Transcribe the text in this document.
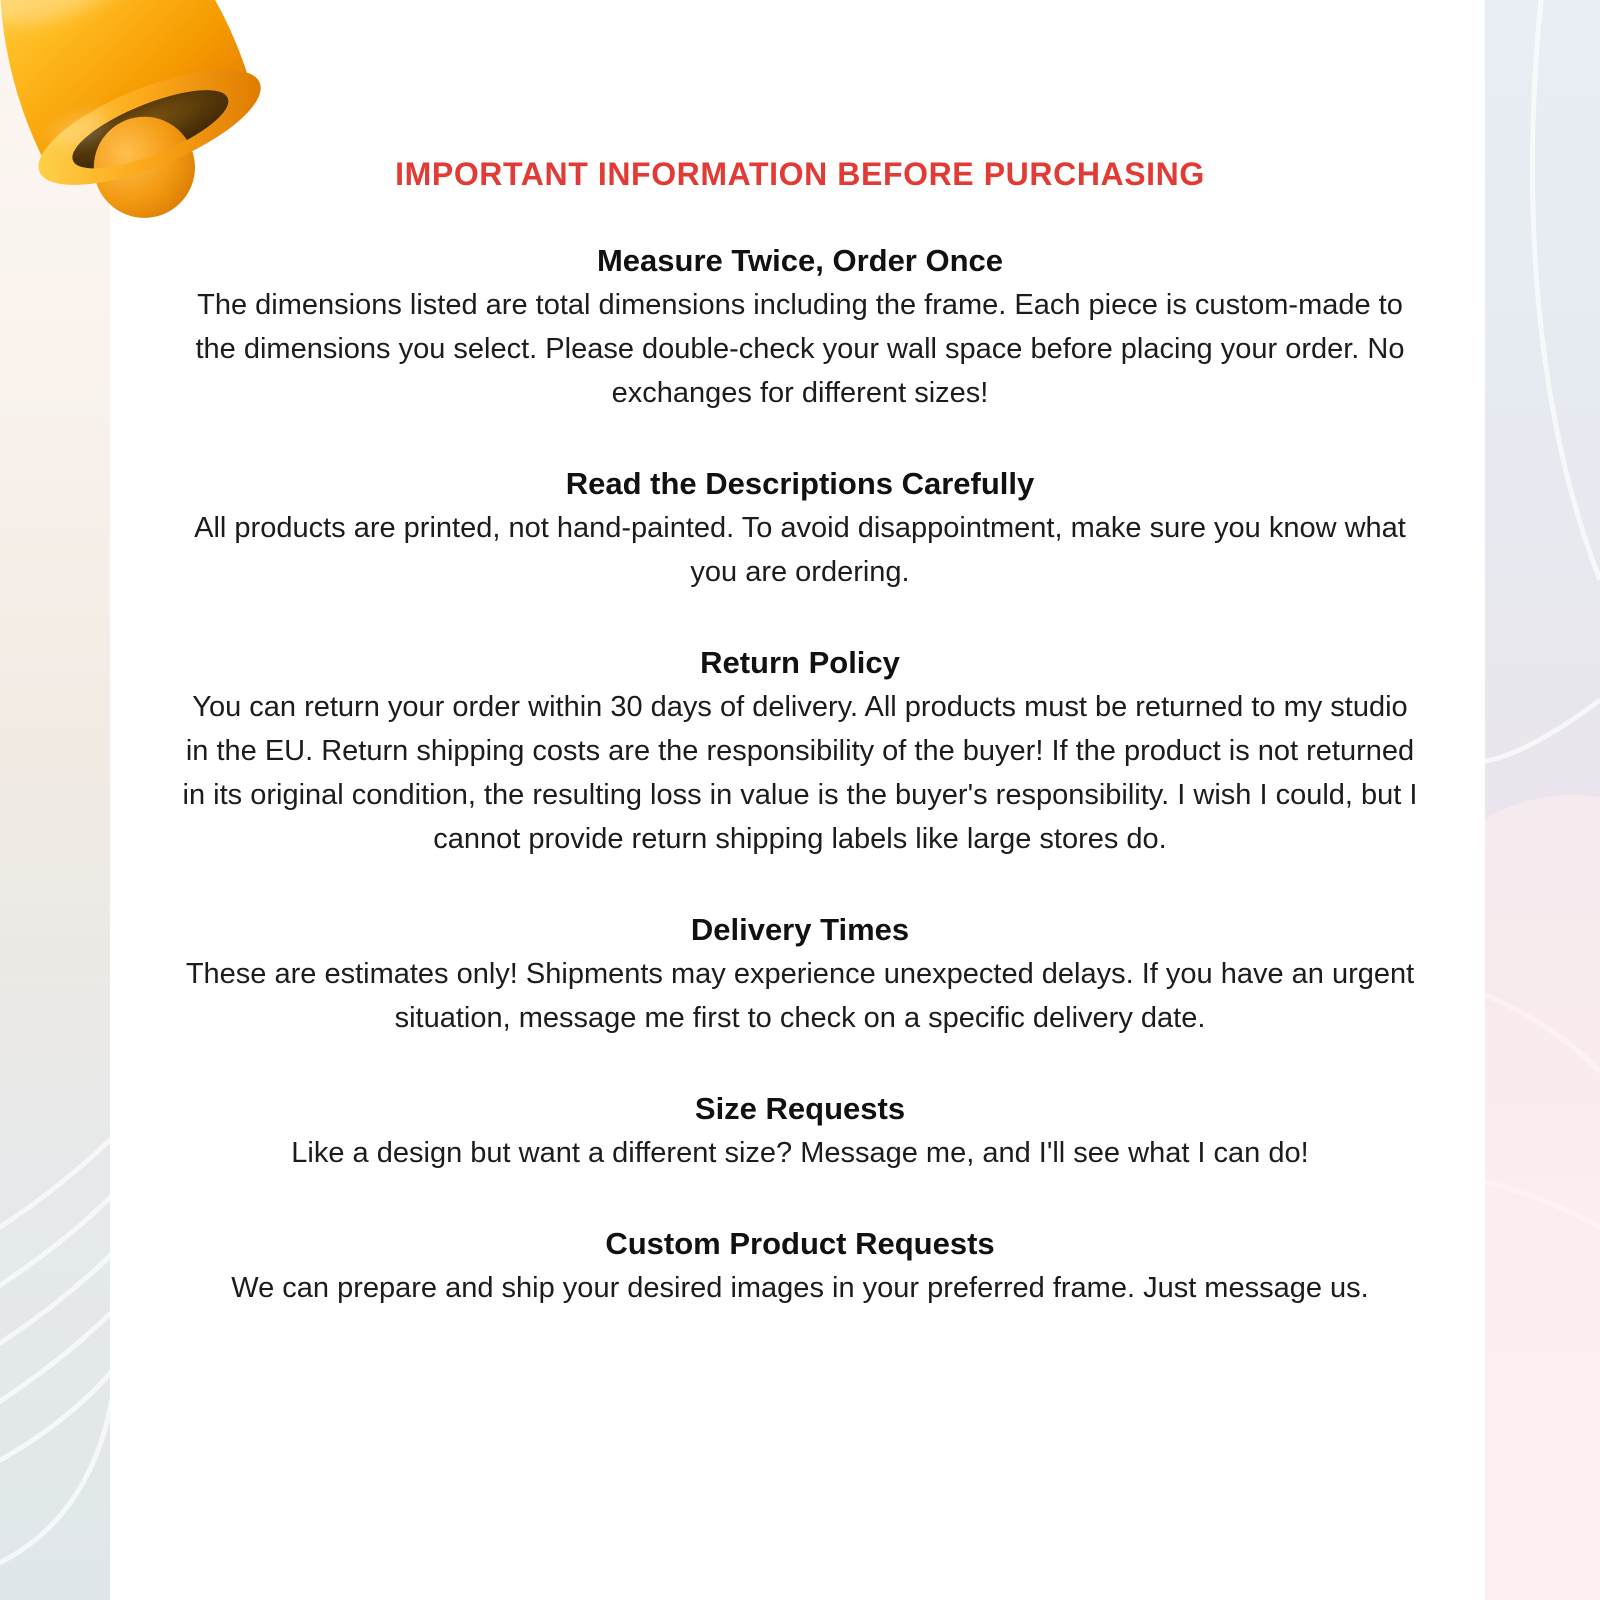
IMPORTANT INFORMATION BEFORE PURCHASING
Measure Twice, Order Once

The dimensions listed are total dimensions including the frame. Each piece is custom-made to the dimensions you select. Please double-check your wall space before placing your order. No exchanges for different sizes!

Read the Descriptions Carefully

All products are printed, not hand-painted. To avoid disappointment, make sure you know what you are ordering.

Return Policy

You can return your order within 30 days of delivery. All products must be returned to my studio in the EU. Return shipping costs are the responsibility of the buyer! If the product is not returned in its original condition, the resulting loss in value is the buyer's responsibility. I wish I could, but I cannot provide return shipping labels like large stores do.

Delivery Times

These are estimates only! Shipments may experience unexpected delays. If you have an urgent situation, message me first to check on a specific delivery date.

Size Requests

Like a design but want a different size? Message me, and I'll see what I can do!

Custom Product Requests

We can prepare and ship your desired images in your preferred frame. Just message us.
